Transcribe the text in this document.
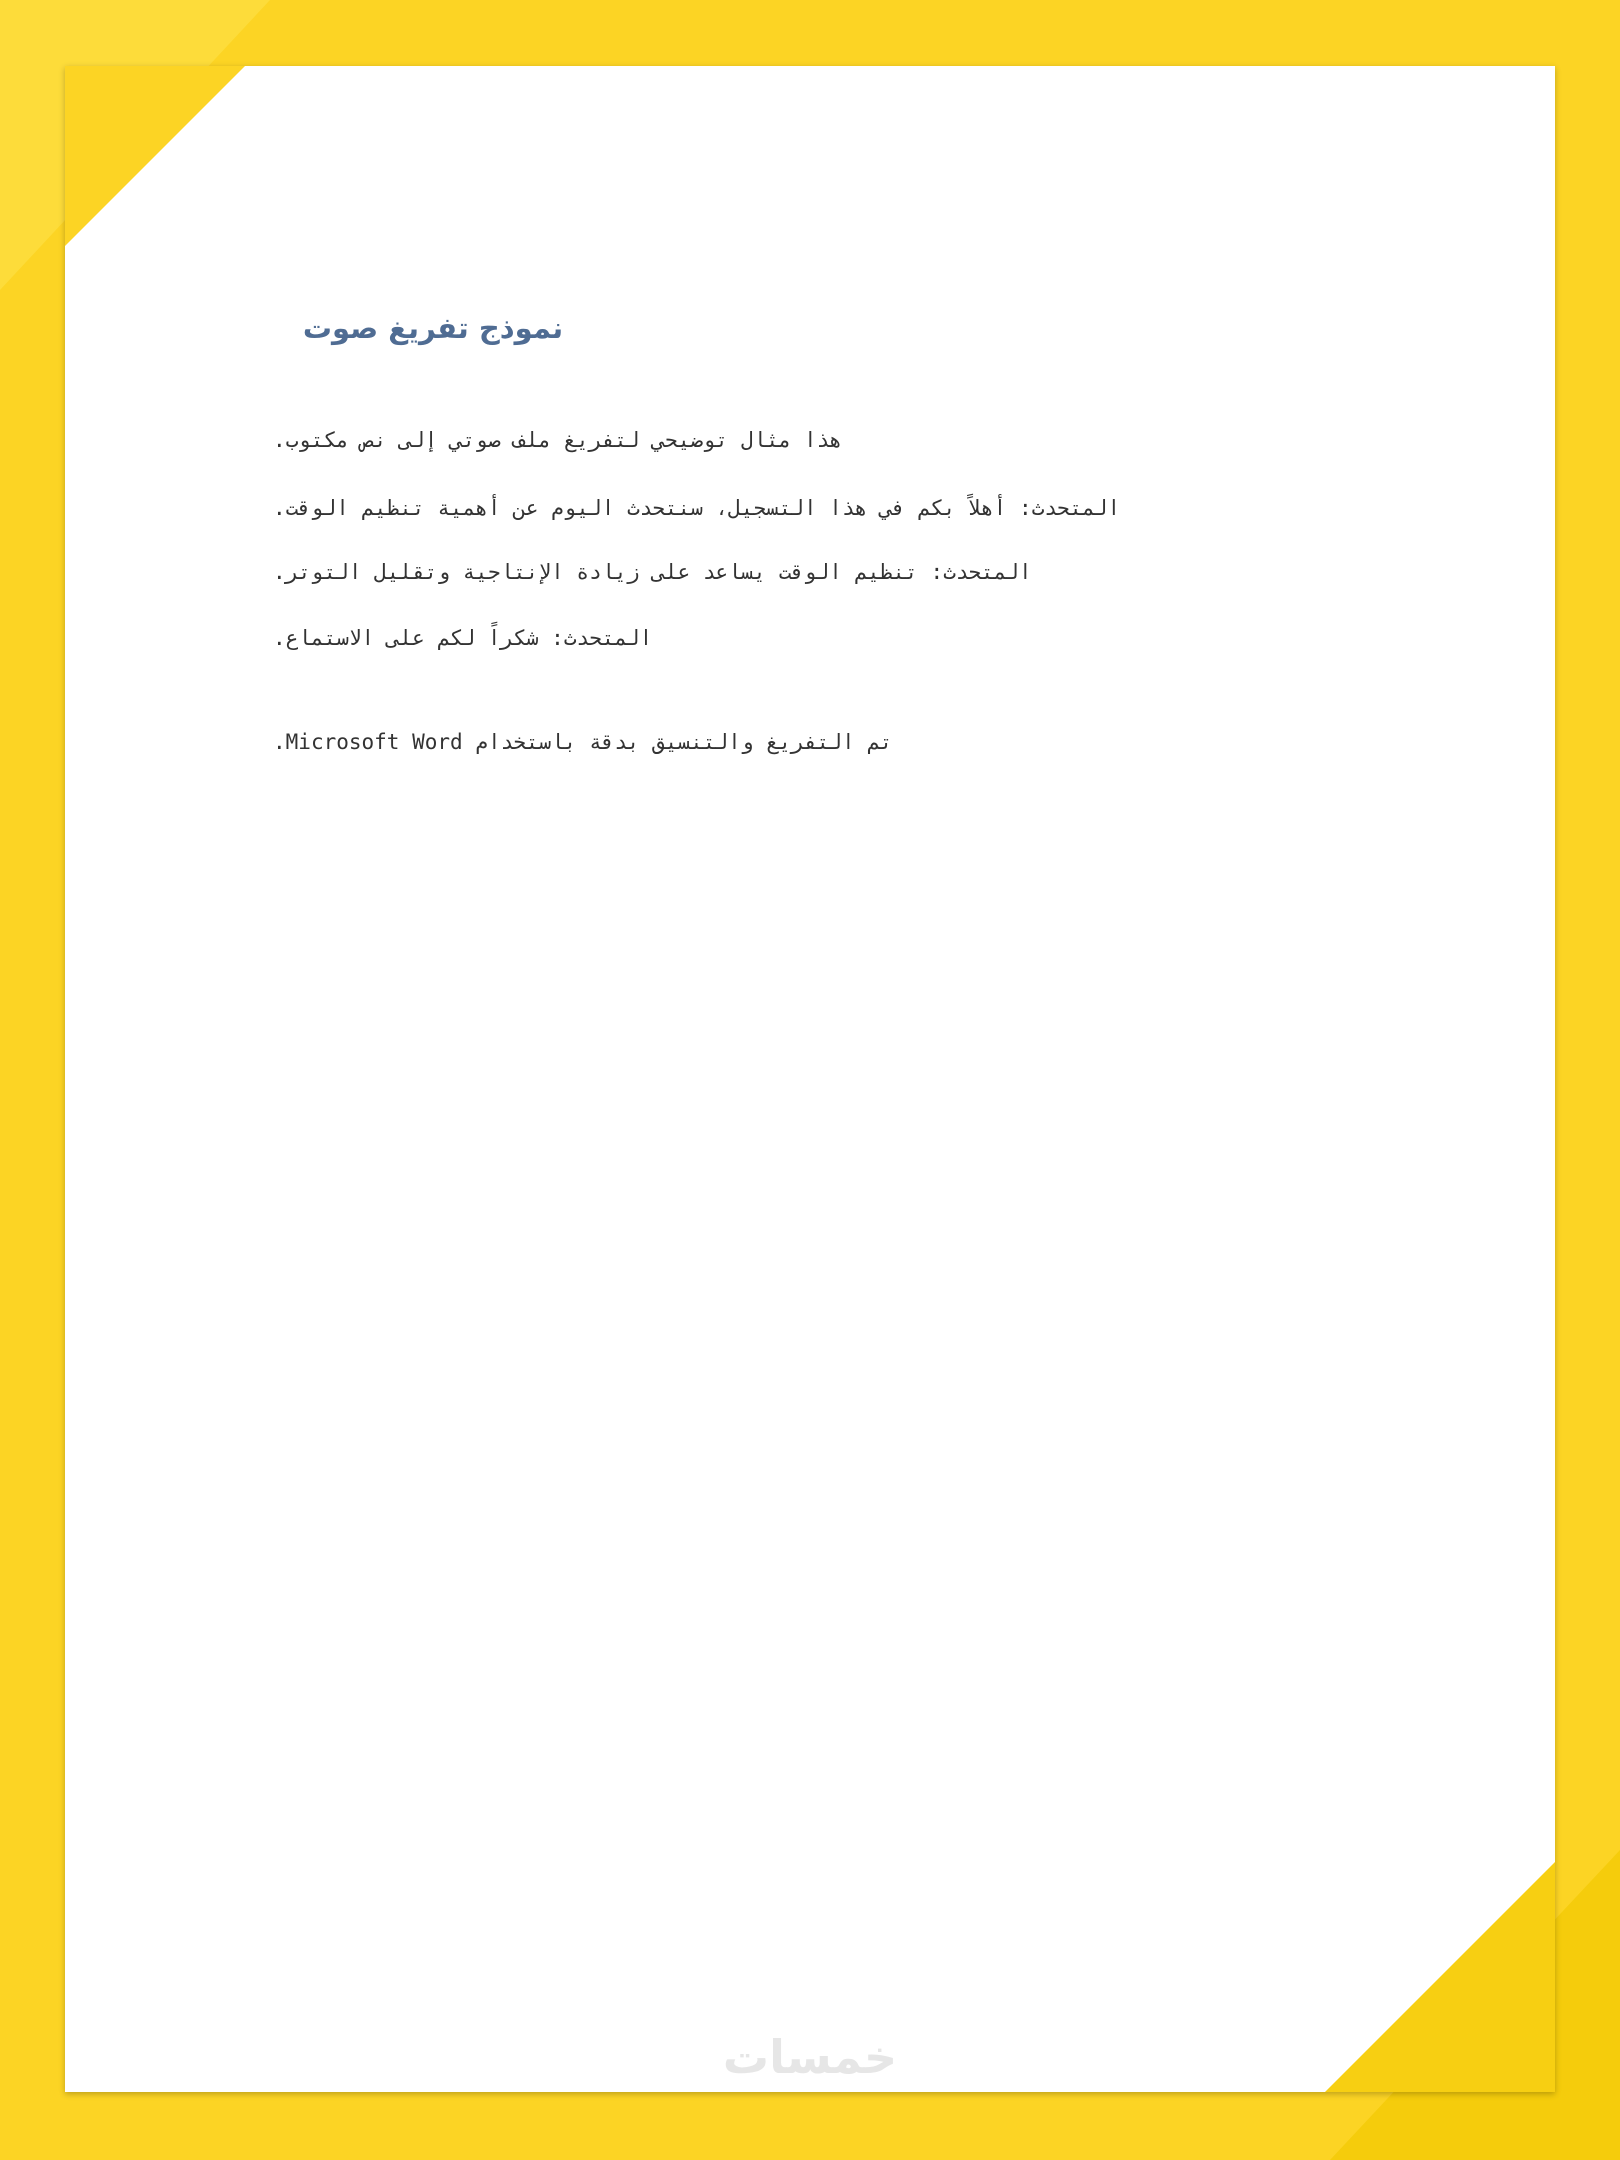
نموذج تفريغ صوت
هذا مثال توضيحي لتفريغ ملف صوتي إلى نص مكتوب.
المتحدث: أهلاً بكم في هذا التسجيل، سنتحدث اليوم عن أهمية تنظيم الوقت.
المتحدث: تنظيم الوقت يساعد على زيادة الإنتاجية وتقليل التوتر.
المتحدث: شكراً لكم على الاستماع.
تم التفريغ والتنسيق بدقة باستخدام Microsoft Word.
خمسات
